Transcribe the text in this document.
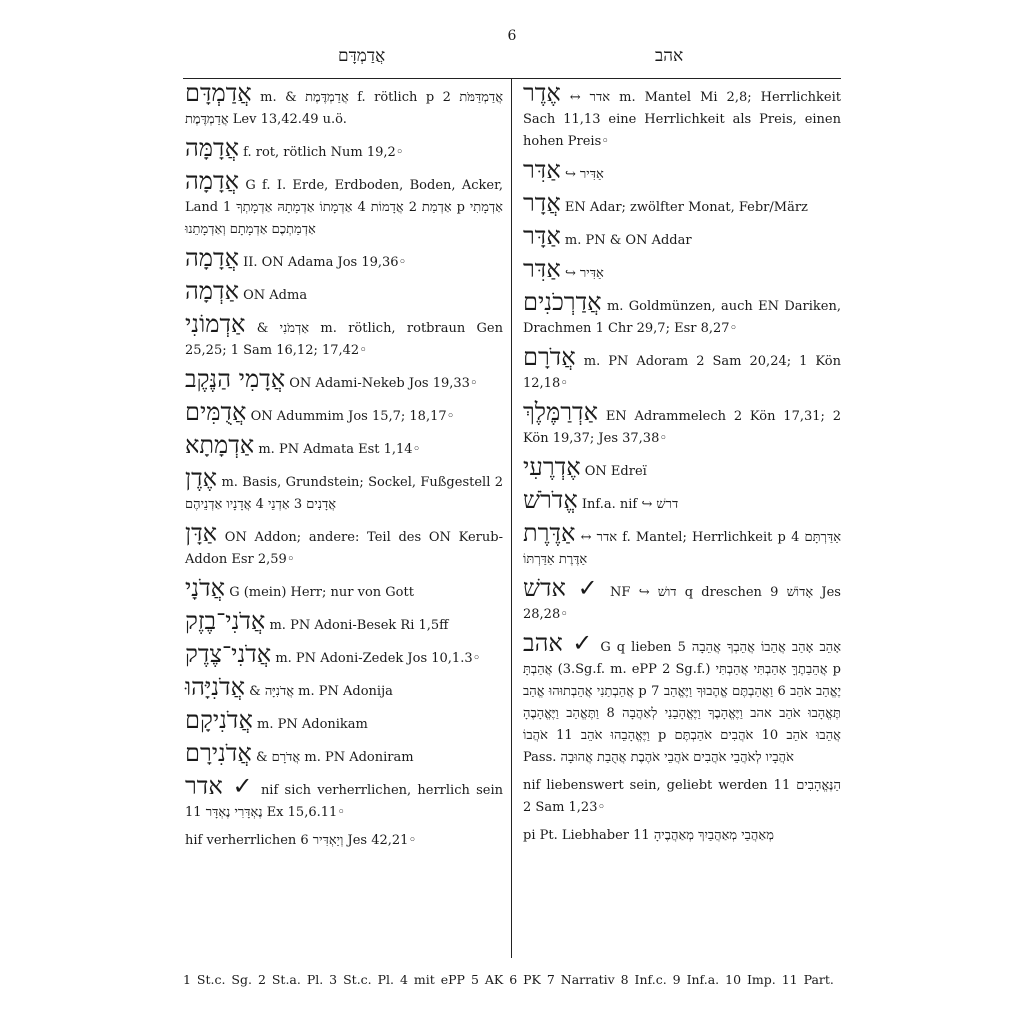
6
אֲדַמְדָּם	אהב
אֲדַמְדָּם m. & אֲדַמְדֶּמֶת f. rötlich p אֲדַמְדַּמֹּת 2 אֲדַמְדֶּמֶת Lev 13,42.49 u.ö.
אֲדָמָּה f. rot, rötlich Num 19,2◦
אֲדָמָה G f. I. Erde, Erdboden, Boden, Acker, Land 1 אַדְמַת 2 אֲדָמוֹת 4 אַדְמָתוֹ אַדְמָתָהּ אַדְמָתְךָ p אַדְמָתִי אַדְמַתְכֶם אַדְמָתָם וְאַדְמָתֵנוּ
אֲדָמָה II. ON Adama Jos 19,36◦
אַדְמָה ON Adma
אַדְמוֹנִי & אַדְמֹנִי m. rötlich, rotbraun Gen 25,25; 1 Sam 16,12; 17,42◦
אֲדָמִי הַנֶּקֶב ON Adami-Nekeb Jos 19,33◦
אֲדֻמִּים ON Adummim Jos 15,7; 18,17◦
אַדְמָתָא m. PN Admata Est 1,14◦
אֶדֶן m. Basis, Grundstein; Sockel, Fußgestell 2 אֲדָנִים 3 אַדְנֵי 4 אֲדָנָיו אַדְנֵיהֶם
אַדָּן ON Addon; andere: Teil des ON Kerub-Addon Esr 2,59◦
אֲדֹנָי G (mein) Herr; nur von Gott
אֲדֹנִי־בֶזֶק m. PN Adoni-Besek Ri 1,5ff
אֲדֹנִי־צֶדֶק m. PN Adoni-Zedek Jos 10,1.3◦
אֲדֹנִיָּהוּ & אֲדֹנִיָּה m. PN Adonija
אֲדֹנִיקָם m. PN Adonikam
אֲדֹנִירָם & אֲדֹרָם m. PN Adoniram
✓ אדר nif sich verherrlichen, herrlich sein 11 נֶאְדָּרִי נֶאְדָּר Ex 15,6.11◦
hif verherrlichen 6 וְיַאְדִּיר Jes 42,21◦
אֶדֶר ↔ אדר m. Mantel Mi 2,8; Herrlichkeit Sach 11,13 eine Herrlichkeit als Preis, einen hohen Preis◦
אַדִּר ↪ אַדִּיר
אֲדָר EN Adar; zwölfter Monat, Febr/März
אַדָּר m. PN & ON Addar
אַדִּר ↪ אַדִּיר
אֲדַרְכֹנִים m. Goldmünzen, auch EN Dariken, Drachmen 1 Chr 29,7; Esr 8,27◦
אֲדֹרָם m. PN Adoram 2 Sam 20,24; 1 Kön 12,18◦
אַדְרַמֶּלֶךְ EN Adrammelech 2 Kön 17,31; 2 Kön 19,37; Jes 37,38◦
אֶדְרֶעִי ON Edreï
אֱדֹרֹשׁ Inf.a. nif ↪ דרשׁ
אַדֶּרֶת ↔ אדר f. Mantel; Herrlichkeit p אַדַּרְתָּם 4 אַדֶּרֶת אַדַּרְתּוֹ
✓ אדשׁ NF ↪ דושׁ q dreschen 9 אָדוֹשׁ Jes 28,28◦
✓ אהב G q lieben 5 אָהֵב אָהַב אֲהֵבוֹ אֲהֵבְךָ אֲהֵבָה אֲהַבְתָּ (3.Sg.f. m. ePP 2 Sg.f.) אֲהֵבַתֶךָּ אָהַבְתִּי אֲהַבְתִּי p אֲהֵבְתַנִי אֲהֵבְתוּהוּ אֱהַב p יֶאֱהַב אֹהֵב 6 וַאֲהַבְתֶּם אֱהֶבוּךָ וַיֶּאֱהַב 7 תֶּאֱהָבוּ אֹהֵב אהב וַיֶּאֱהָבֶךָ וַיֶּאֱהָבֵנִי לְאַהֲבָה 8 וַתֶּאֱהַב וַיֶּאֱהָבֶהָ וַיֶּאֱהָבֵהוּ אֹהֵב 11 אֹהֲבוֹ p אֲהֵבוּ אֹהֵב 10 אֹהֲבִים אֹהַבְתֶּם Pass. אֹהֲבָיו לְאֹהֲבֵי אֹהֲבִים אֹהֲבֵי אֹהֶבֶת אֲהֻבַת אֲהוּבָה
nif liebenswert sein, geliebt werden 11 הַנֶּאֱהָבִים 2 Sam 1,23◦
pi Pt. Liebhaber 11 מְאַהֲבַי מְאַהֲבַיִךְ מְאַהֲבֶיהָ
1 St.c. Sg. 2 St.a. Pl. 3 St.c. Pl. 4 mit ePP 5 AK 6 PK 7 Narrativ 8 Inf.c. 9 Inf.a. 10 Imp. 11 Part.
